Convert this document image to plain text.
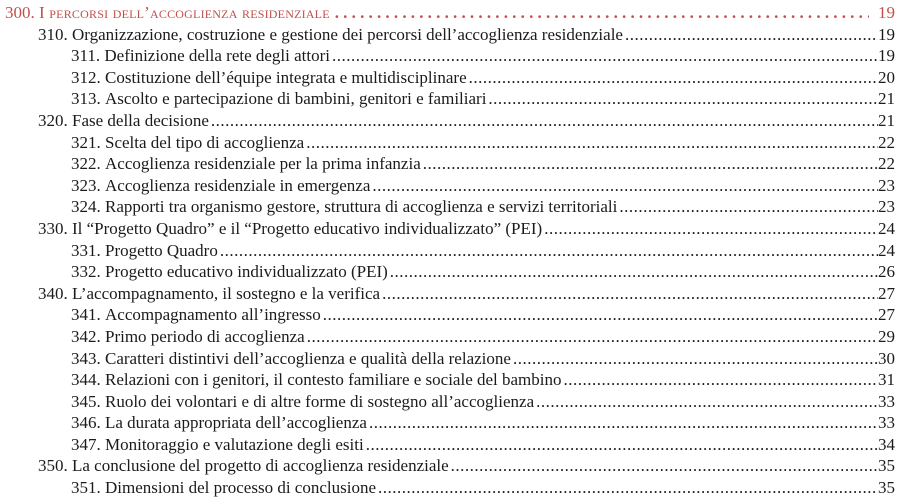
300. I percorsi dell’accoglienza residenziale .....	19
310. Organizzazione, costruzione e gestione dei percorsi dell’accoglienza residenziale .....	19
311. Definizione della rete degli attori .....	19
312. Costituzione dell’équipe integrata e multidisciplinare .....	20
313. Ascolto e partecipazione di bambini, genitori e familiari .....	21
320. Fase della decisione .....	21
321. Scelta del tipo di accoglienza .....	22
322. Accoglienza residenziale per la prima infanzia .....	22
323. Accoglienza residenziale in emergenza .....	23
324. Rapporti tra organismo gestore, struttura di accoglienza e servizi territoriali .....	23
330. Il “Progetto Quadro” e il “Progetto educativo individualizzato” (PEI) .....	24
331. Progetto Quadro .....	24
332. Progetto educativo individualizzato (PEI) .....	26
340. L’accompagnamento, il sostegno e la verifica .....	27
341. Accompagnamento all’ingresso .....	27
342. Primo periodo di accoglienza .....	29
343. Caratteri distintivi dell’accoglienza e qualità della relazione .....	30
344. Relazioni con i genitori, il contesto familiare e sociale del bambino .....	31
345. Ruolo dei volontari e di altre forme di sostegno all’accoglienza .....	33
346. La durata appropriata dell’accoglienza .....	33
347. Monitoraggio e valutazione degli esiti .....	34
350. La conclusione del progetto di accoglienza residenziale .....	35
351. Dimensioni del processo di conclusione .....	35
